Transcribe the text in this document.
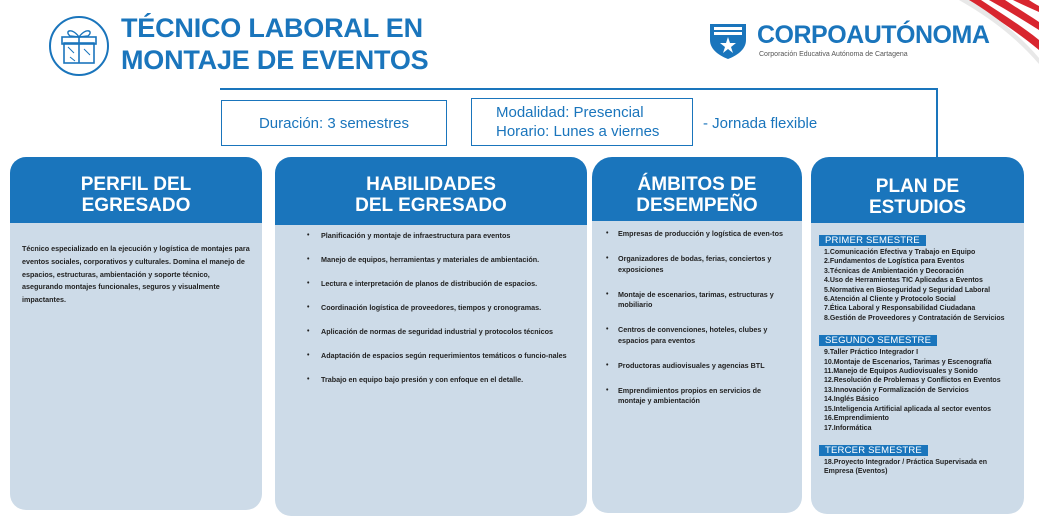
TÉCNICO LABORAL EN
MONTAJE DE EVENTOS
CORPOAUTÓNOMA
Corporación Educativa Autónoma de Cartagena
Duración: 3 semestres
Modalidad: Presencial
Horario: Lunes a viernes	- Jornada flexible
PERFIL DEL
EGRESADO

Técnico especializado en la ejecución y logística de montajes para eventos sociales, corporativos y culturales. Domina el manejo de espacios, estructuras, ambientación y soporte técnico, asegurando montajes funcionales, seguros y visualmente impactantes.

HABILIDADES
DEL EGRESADO
• Planificación y montaje de infraestructura para eventos
• Manejo de equipos, herramientas y materiales de ambientación.
• Lectura e interpretación de planos de distribución de espacios.
• Coordinación logística de proveedores, tiempos y cronogramas.
• Aplicación de normas de seguridad industrial y protocolos técnicos
• Adaptación de espacios según requerimientos temáticos o funcio-nales
• Trabajo en equipo bajo presión y con enfoque en el detalle.
ÁMBITOS DE
DESEMPEÑO
• Empresas de producción y logística de even-tos
• Organizadores de bodas, ferias, conciertos y exposiciones
• Montaje de escenarios, tarimas, estructuras y mobiliario
• Centros de convenciones, hoteles, clubes y espacios para eventos
• Productoras audiovisuales y agencias BTL
• Emprendimientos propios en servicios de montaje y ambientación
PLAN DE
ESTUDIOS
PRIMER SEMESTRE
1.Comunicación Efectiva y Trabajo en Equipo
2.Fundamentos de Logística para Eventos
3.Técnicas de Ambientación y Decoración
4.Uso de Herramientas TIC Aplicadas a Eventos
5.Normativa en Bioseguridad y Seguridad Laboral
6.Atención al Cliente y Protocolo Social
7.Ética Laboral y Responsabilidad Ciudadana
8.Gestión de Proveedores y Contratación de Servicios
SEGUNDO SEMESTRE
9.Taller Práctico Integrador I
10.Montaje de Escenarios, Tarimas y Escenografía
11.Manejo de Equipos Audiovisuales y Sonido
12.Resolución de Problemas y Conflictos en Eventos
13.Innovación y Formalización de Servicios
14.Inglés Básico
15.Inteligencia Artificial aplicada al sector eventos
16.Emprendimiento
17.Informática
TERCER SEMESTRE
18.Proyecto Integrador / Práctica Supervisada en Empresa (Eventos)
